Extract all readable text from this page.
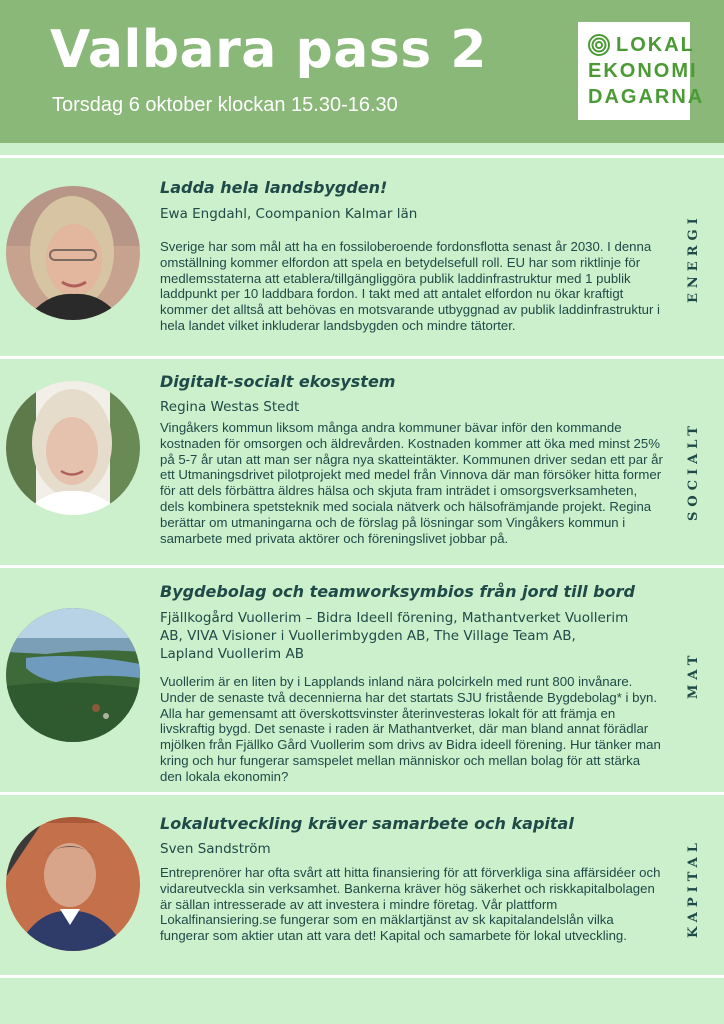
Valbara pass 2
Torsdag 6 oktober klockan 15.30-16.30
LOKAL
EKONOMI
DAGARNA
Ladda hela landsbygden!
Ewa Engdahl, Coompanion Kalmar län
Sverige har som mål att ha en fossiloberoende fordonsflotta senast år 2030. I denna omställning kommer elfordon att spela en betydelsefull roll. EU har som riktlinje för medlemsstaterna att etablera/tillgängliggöra publik laddinfrastruktur med 1 publik laddpunkt per 10 laddbara fordon. I takt med att antalet elfordon nu ökar kraftigt kommer det alltså att behövas en motsvarande utbyggnad av publik laddinfrastruktur i hela landet vilket inkluderar landsbygden och mindre tätorter.
ENERGI
Digitalt-socialt ekosystem
Regina Westas Stedt
Vingåkers kommun liksom många andra kommuner bävar inför den kommande kostnaden för omsorgen och äldrevården. Kostnaden kommer att öka med minst 25% på 5-7 år utan att man ser några nya skatteintäkter. Kommunen driver sedan ett par år ett Utmaningsdrivet pilotprojekt med medel från Vinnova där man försöker hitta former för att dels förbättra äldres hälsa och skjuta fram inträdet i omsorgsverksamheten, dels kombinera spetsteknik med sociala nätverk och hälsofrämjande projekt. Regina berättar om utmaningarna och de förslag på lösningar som Vingåkers kommun i samarbete med privata aktörer och föreningslivet jobbar på.
SOCIALT
Bygdebolag och teamworksymbios från jord till bord
Fjällkogård Vuollerim – Bidra Ideell förening, Mathantverket Vuollerim AB, VIVA Visioner i Vuollerimbygden AB, The Village Team AB, Lapland Vuollerim AB
Vuollerim är en liten by i Lapplands inland nära polcirkeln med runt 800 invånare. Under de senaste två decennierna har det startats SJU fristående Bygdebolag* i byn. Alla har gemensamt att överskottsvinster återinvesteras lokalt för att främja en livskraftig bygd. Det senaste i raden är Mathantverket, där man bland annat förädlar mjölken från Fjällko Gård Vuollerim som drivs av Bidra ideell förening. Hur tänker man kring och hur fungerar samspelet mellan människor och mellan bolag för att stärka den lokala ekonomin?
MAT
Lokalutveckling kräver samarbete och kapital
Sven Sandström
Entreprenörer har ofta svårt att hitta finansiering för att förverkliga sina affärsidéer och vidareutveckla sin verksamhet. Bankerna kräver hög säkerhet och riskkapitalbolagen är sällan intresserade av att investera i mindre företag. Vår plattform Lokalfinansiering.se fungerar som en mäklartjänst av sk kapitalandelslån vilka fungerar som aktier utan att vara det! Kapital och samarbete för lokal utveckling.	KAPITAL
